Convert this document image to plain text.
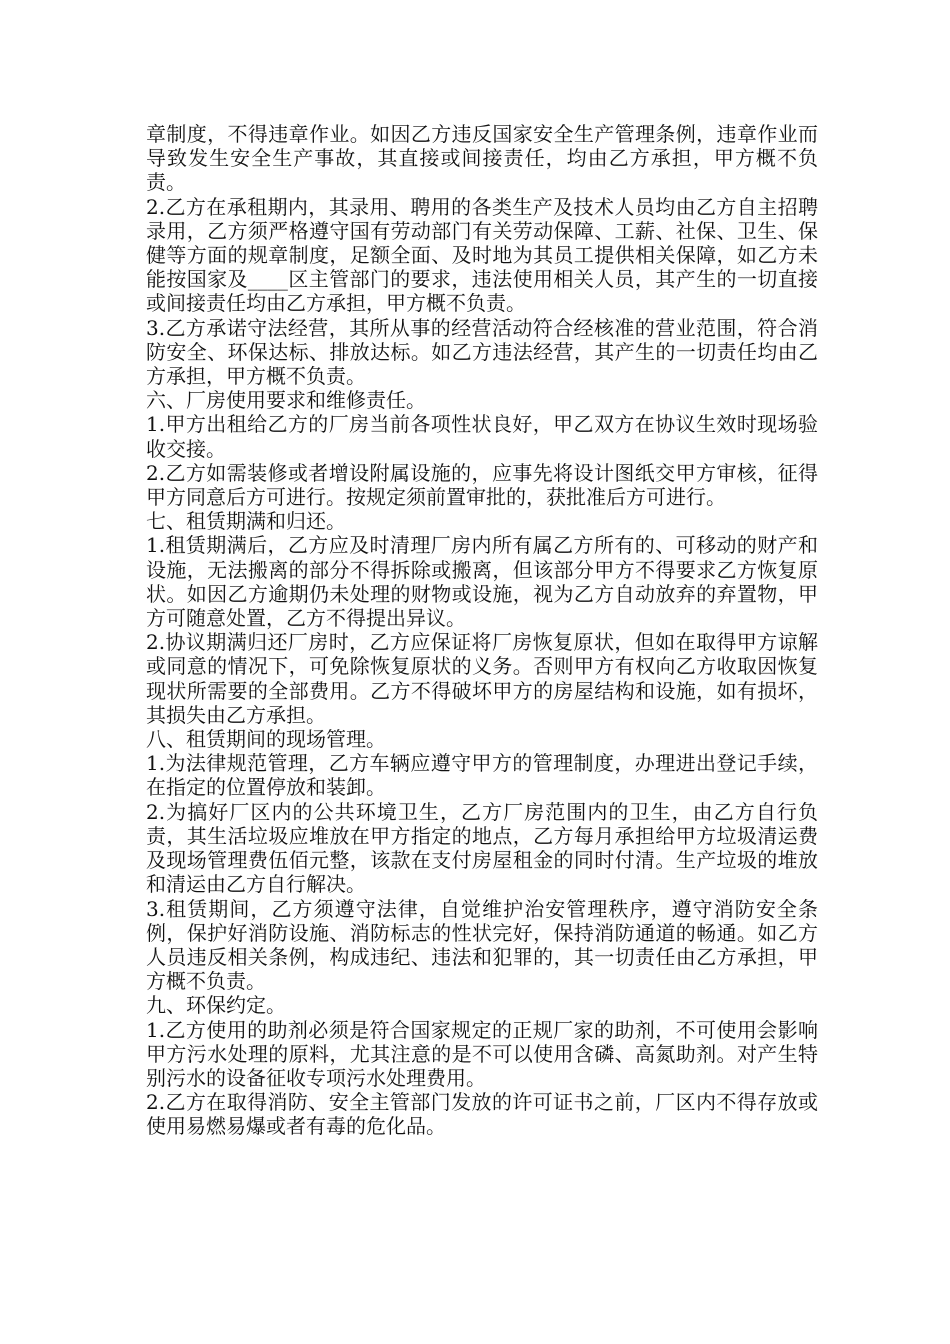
章制度，不得违章作业。如因乙方违反国家安全生产管理条例，违章作业而导致发生安全生产事故，其直接或间接责任，均由乙方承担，甲方概不负责。

2.乙方在承租期内，其录用、聘用的各类生产及技术人员均由乙方自主招聘录用，乙方须严格遵守国有劳动部门有关劳动保障、工薪、社保、卫生、保健等方面的规章制度，足额全面、及时地为其员工提供相关保障，如乙方未能按国家及____区主管部门的要求，违法使用相关人员，其产生的一切直接或间接责任均由乙方承担，甲方概不负责。

3.乙方承诺守法经营，其所从事的经营活动符合经核准的营业范围，符合消防安全、环保达标、排放达标。如乙方违法经营，其产生的一切责任均由乙方承担，甲方概不负责。

六、厂房使用要求和维修责任。

1.甲方出租给乙方的厂房当前各项性状良好，甲乙双方在协议生效时现场验收交接。

2.乙方如需装修或者增设附属设施的，应事先将设计图纸交甲方审核，征得甲方同意后方可进行。按规定须前置审批的，获批准后方可进行。

七、租赁期满和归还。

1.租赁期满后，乙方应及时清理厂房内所有属乙方所有的、可移动的财产和设施，无法搬离的部分不得拆除或搬离，但该部分甲方不得要求乙方恢复原状。如因乙方逾期仍未处理的财物或设施，视为乙方自动放弃的弃置物，甲方可随意处置，乙方不得提出异议。

2.协议期满归还厂房时，乙方应保证将厂房恢复原状，但如在取得甲方谅解或同意的情况下，可免除恢复原状的义务。否则甲方有权向乙方收取因恢复现状所需要的全部费用。乙方不得破坏甲方的房屋结构和设施，如有损坏，其损失由乙方承担。

八、租赁期间的现场管理。

1.为法律规范管理，乙方车辆应遵守甲方的管理制度，办理进出登记手续，在指定的位置停放和装卸。

2.为搞好厂区内的公共环境卫生，乙方厂房范围内的卫生，由乙方自行负责，其生活垃圾应堆放在甲方指定的地点，乙方每月承担给甲方垃圾清运费及现场管理费伍佰元整，该款在支付房屋租金的同时付清。生产垃圾的堆放和清运由乙方自行解决。

3.租赁期间，乙方须遵守法律，自觉维护治安管理秩序，遵守消防安全条例，保护好消防设施、消防标志的性状完好，保持消防通道的畅通。如乙方人员违反相关条例，构成违纪、违法和犯罪的，其一切责任由乙方承担，甲方概不负责。

九、环保约定。

1.乙方使用的助剂必须是符合国家规定的正规厂家的助剂，不可使用会影响甲方污水处理的原料，尤其注意的是不可以使用含磷、高氮助剂。对产生特别污水的设备征收专项污水处理费用。

2.乙方在取得消防、安全主管部门发放的许可证书之前，厂区内不得存放或使用易燃易爆或者有毒的危化品。
